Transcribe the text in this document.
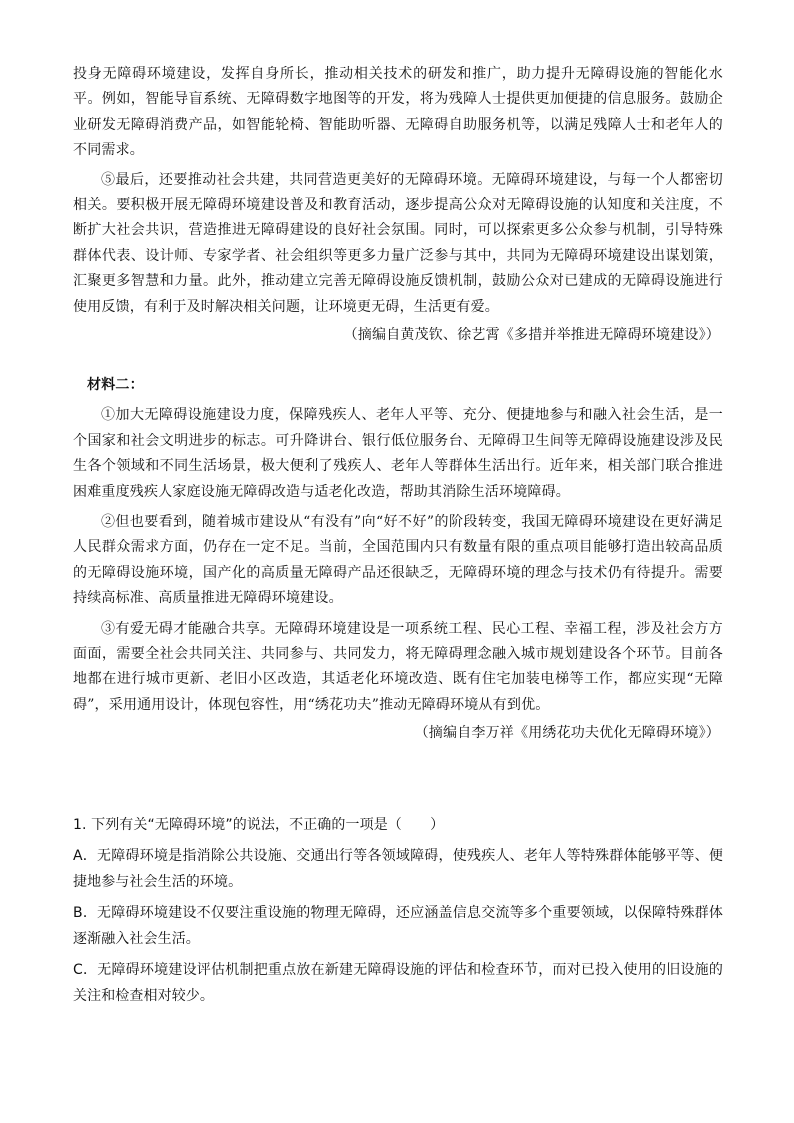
投身无障碍环境建设，发挥自身所长，推动相关技术的研发和推广，助力提升无障碍设施的智能化水平。例如，智能导盲系统、无障碍数字地图等的开发，将为残障人士提供更加便捷的信息服务。鼓励企业研发无障碍消费产品，如智能轮椅、智能助听器、无障碍自助服务机等，以满足残障人士和老年人的不同需求。

⑤最后，还要推动社会共建，共同营造更美好的无障碍环境。无障碍环境建设，与每一个人都密切相关。要积极开展无障碍环境建设普及和教育活动，逐步提高公众对无障碍设施的认知度和关注度，不断扩大社会共识，营造推进无障碍建设的良好社会氛围。同时，可以探索更多公众参与机制，引导特殊群体代表、设计师、专家学者、社会组织等更多力量广泛参与其中，共同为无障碍环境建设出谋划策，汇聚更多智慧和力量。此外，推动建立完善无障碍设施反馈机制，鼓励公众对已建成的无障碍设施进行使用反馈，有利于及时解决相关问题，让环境更无碍，生活更有爱。

（摘编自黄茂钦、徐艺霄《多措并举推进无障碍环境建设》）

材料二：

①加大无障碍设施建设力度，保障残疾人、老年人平等、充分、便捷地参与和融入社会生活，是一个国家和社会文明进步的标志。可升降讲台、银行低位服务台、无障碍卫生间等无障碍设施建设涉及民生各个领域和不同生活场景，极大便利了残疾人、老年人等群体生活出行。近年来，相关部门联合推进困难重度残疾人家庭设施无障碍改造与适老化改造，帮助其消除生活环境障碍。

②但也要看到，随着城市建设从“有没有”向“好不好”的阶段转变，我国无障碍环境建设在更好满足人民群众需求方面，仍存在一定不足。当前，全国范围内只有数量有限的重点项目能够打造出较高品质的无障碍设施环境，国产化的高质量无障碍产品还很缺乏，无障碍环境的理念与技术仍有待提升。需要持续高标准、高质量推进无障碍环境建设。

③有爱无碍才能融合共享。无障碍环境建设是一项系统工程、民心工程、幸福工程，涉及社会方方面面，需要全社会共同关注、共同参与、共同发力，将无障碍理念融入城市规划建设各个环节。目前各地都在进行城市更新、老旧小区改造，其适老化环境改造、既有住宅加装电梯等工作，都应实现“无障碍”，采用通用设计，体现包容性，用“绣花功夫”推动无障碍环境从有到优。

（摘编自李万祥《用绣花功夫优化无障碍环境》）

1. 下列有关“无障碍环境”的说法，不正确的一项是（　　）

A．无障碍环境是指消除公共设施、交通出行等各领域障碍，使残疾人、老年人等特殊群体能够平等、便捷地参与社会生活的环境。

B．无障碍环境建设不仅要注重设施的物理无障碍，还应涵盖信息交流等多个重要领域，以保障特殊群体逐渐融入社会生活。

C．无障碍环境建设评估机制把重点放在新建无障碍设施的评估和检查环节，而对已投入使用的旧设施的关注和检查相对较少。
